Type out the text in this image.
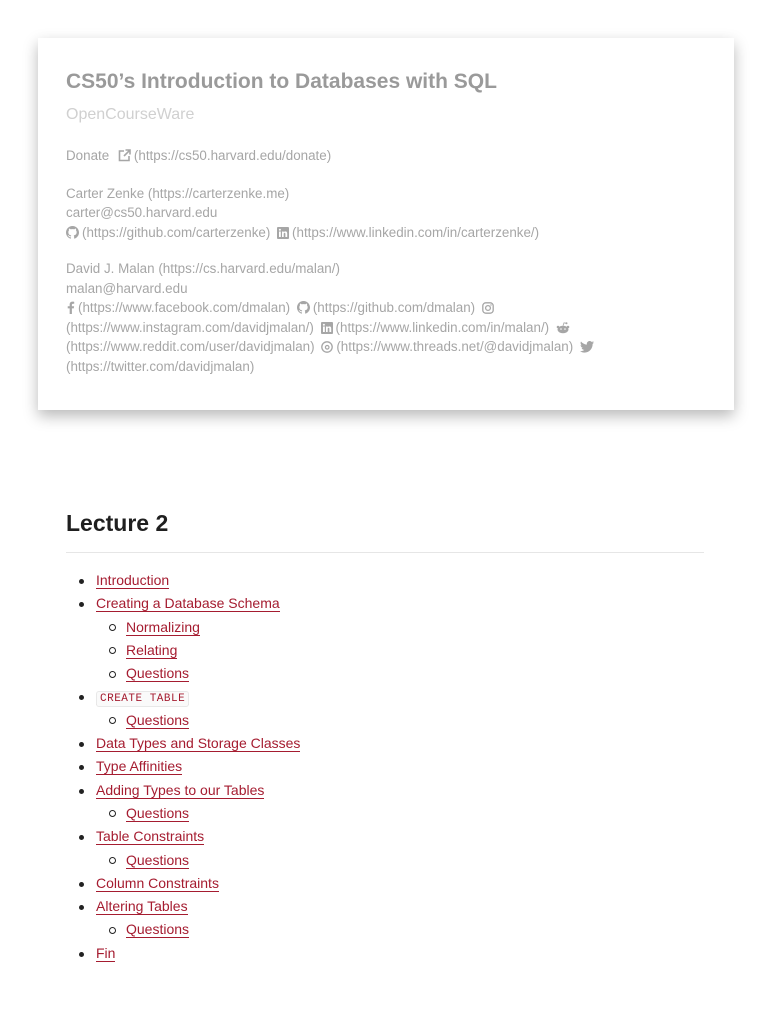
CS50’s Introduction to Databases with SQL
OpenCourseWare
Donate (https://cs50.harvard.edu/donate)
Carter Zenke (https://carterzenke.me)
carter@cs50.harvard.edu
(https://github.com/carterzenke) (https://www.linkedin.com/in/carterzenke/)
David J. Malan (https://cs.harvard.edu/malan/)
malan@harvard.edu
(https://www.facebook.com/dmalan) (https://github.com/dmalan)
(https://www.instagram.com/davidjmalan/) (https://www.linkedin.com/in/malan/)
(https://www.reddit.com/user/davidjmalan) (https://www.threads.net/@davidjmalan)
(https://twitter.com/davidjmalan)
Lecture 2
Introduction
Creating a Database Schema
Normalizing
Relating
Questions
CREATE TABLE
Questions
Data Types and Storage Classes
Type Affinities
Adding Types to our Tables
Questions
Table Constraints
Questions
Column Constraints
Altering Tables
Questions
Fin
